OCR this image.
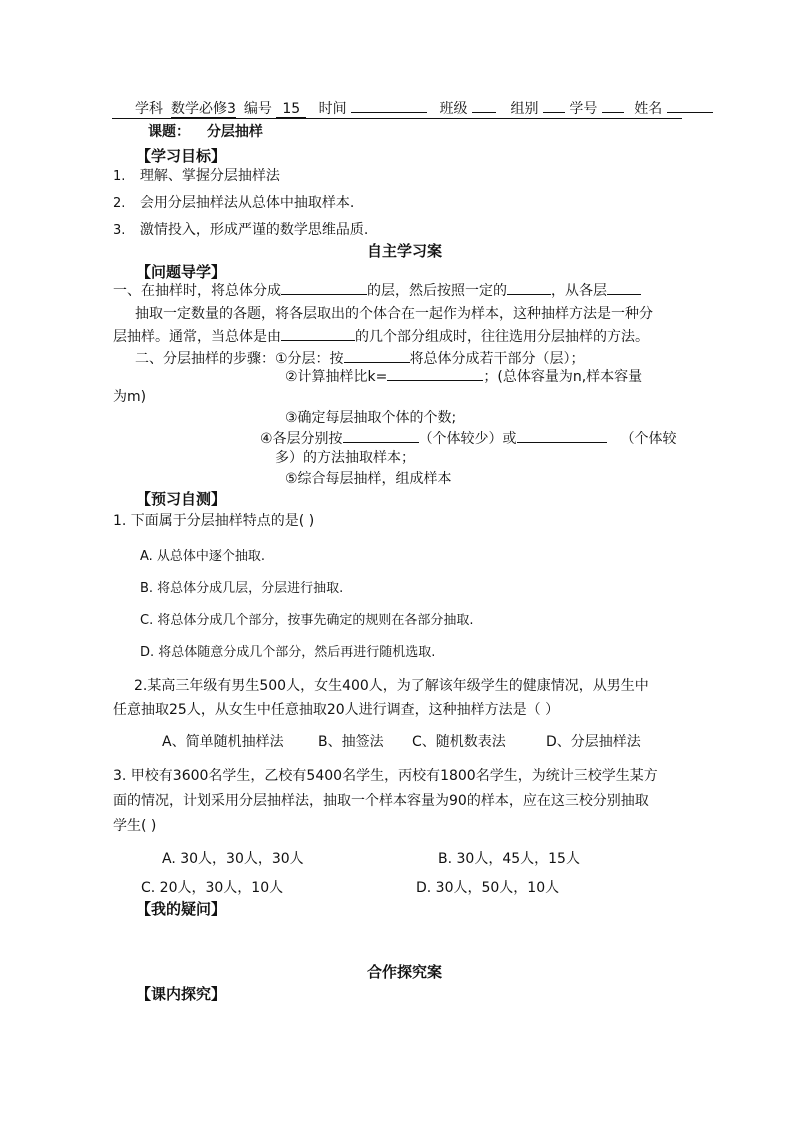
学科 数学必修3 编号 15 时间	班级	组别 学号	姓名
课题： 分层抽样
【学习目标】
1. 理解、掌握分层抽样法
2. 会用分层抽样法从总体中抽取样本.
3. 激情投入，形成严谨的数学思维品质.
自主学习案
【问题导学】
一、在抽样时，将总体分成	的层，然后按照一定的	，从各层
抽取一定数量的各题，将各层取出的个体合在一起作为样本，这种抽样方法是一种分
层抽样。通常，当总体是由	的几个部分组成时，往往选用分层抽样的方法。
二、分层抽样的步骤：①分层：按	将总体分成若干部分（层）；
②计算抽样比k=	；(总体容量为n,样本容量
为m)
③确定每层抽取个体的个数;
④各层分别按	（个体较少）或	（个体较
多）的方法抽取样本；
⑤综合每层抽样，组成样本
【预习自测】
1. 下面属于分层抽样特点的是( )
A. 从总体中逐个抽取.
B. 将总体分成几层，分层进行抽取.
C. 将总体分成几个部分，按事先确定的规则在各部分抽取.
D. 将总体随意分成几个部分，然后再进行随机选取.
2.某高三年级有男生500人，女生400人，为了解该年级学生的健康情况，从男生中
任意抽取25人，从女生中任意抽取20人进行调查，这种抽样方法是（ ）
A、简单随机抽样法 B、抽签法 C、随机数表法	D、分层抽样法
3. 甲校有3600名学生，乙校有5400名学生，丙校有1800名学生，为统计三校学生某方
面的情况，计划采用分层抽样法，抽取一个样本容量为90的样本，应在这三校分别抽取
学生( )
A. 30人，30人，30人	B. 30人，45人，15人
C. 20人，30人，10人	D. 30人，50人，10人
【我的疑问】
合作探究案
【课内探究】
